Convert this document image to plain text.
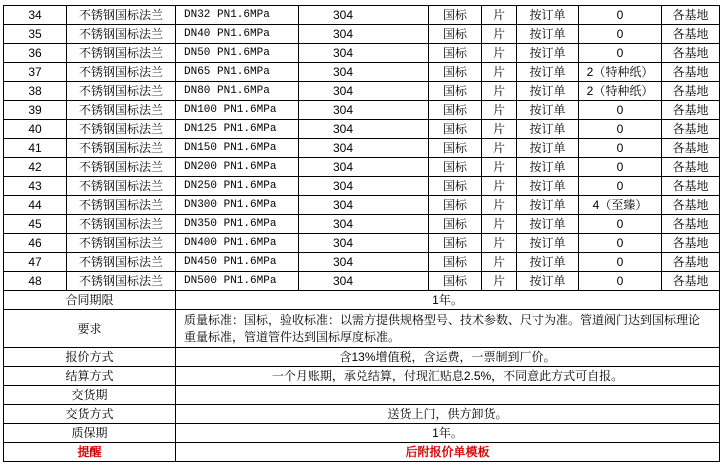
34	不锈钢国标法兰	DN32 PN1.6MPa	304	国标	片	按订单	0	各基地
35	不锈钢国标法兰	DN40 PN1.6MPa	304	国标	片	按订单	0	各基地
36	不锈钢国标法兰	DN50 PN1.6MPa	304	国标	片	按订单	0	各基地
37	不锈钢国标法兰	DN65 PN1.6MPa	304	国标	片	按订单	2（特种纸）	各基地
38	不锈钢国标法兰	DN80 PN1.6MPa	304	国标	片	按订单	2（特种纸）	各基地
39	不锈钢国标法兰	DN100 PN1.6MPa	304	国标	片	按订单	0	各基地
40	不锈钢国标法兰	DN125 PN1.6MPa	304	国标	片	按订单	0	各基地
41	不锈钢国标法兰	DN150 PN1.6MPa	304	国标	片	按订单	0	各基地
42	不锈钢国标法兰	DN200 PN1.6MPa	304	国标	片	按订单	0	各基地
43	不锈钢国标法兰	DN250 PN1.6MPa	304	国标	片	按订单	0	各基地
44	不锈钢国标法兰	DN300 PN1.6MPa	304	国标	片	按订单	4（至臻）	各基地
45	不锈钢国标法兰	DN350 PN1.6MPa	304	国标	片	按订单	0	各基地
46	不锈钢国标法兰	DN400 PN1.6MPa	304	国标	片	按订单	0	各基地
47	不锈钢国标法兰	DN450 PN1.6MPa	304	国标	片	按订单	0	各基地
48	不锈钢国标法兰	DN500 PN1.6MPa	304	国标	片	按订单	0	各基地
合同期限		1年。						
要求		质量标准：国标，验收标准：以需方提供规格型号、技术参数、尺寸为准。管道阀门达到国标理论重量标准，管道管件达到国标厚度标准。						
报价方式		含13%增值税，含运费，一票制到厂价。						
结算方式		一个月账期，承兑结算，付现汇贴息2.5%，不同意此方式可自报。						
交货期								
交货方式		送货上门，供方卸货。						
质保期		1年。						
提醒		后附报价单模板						
